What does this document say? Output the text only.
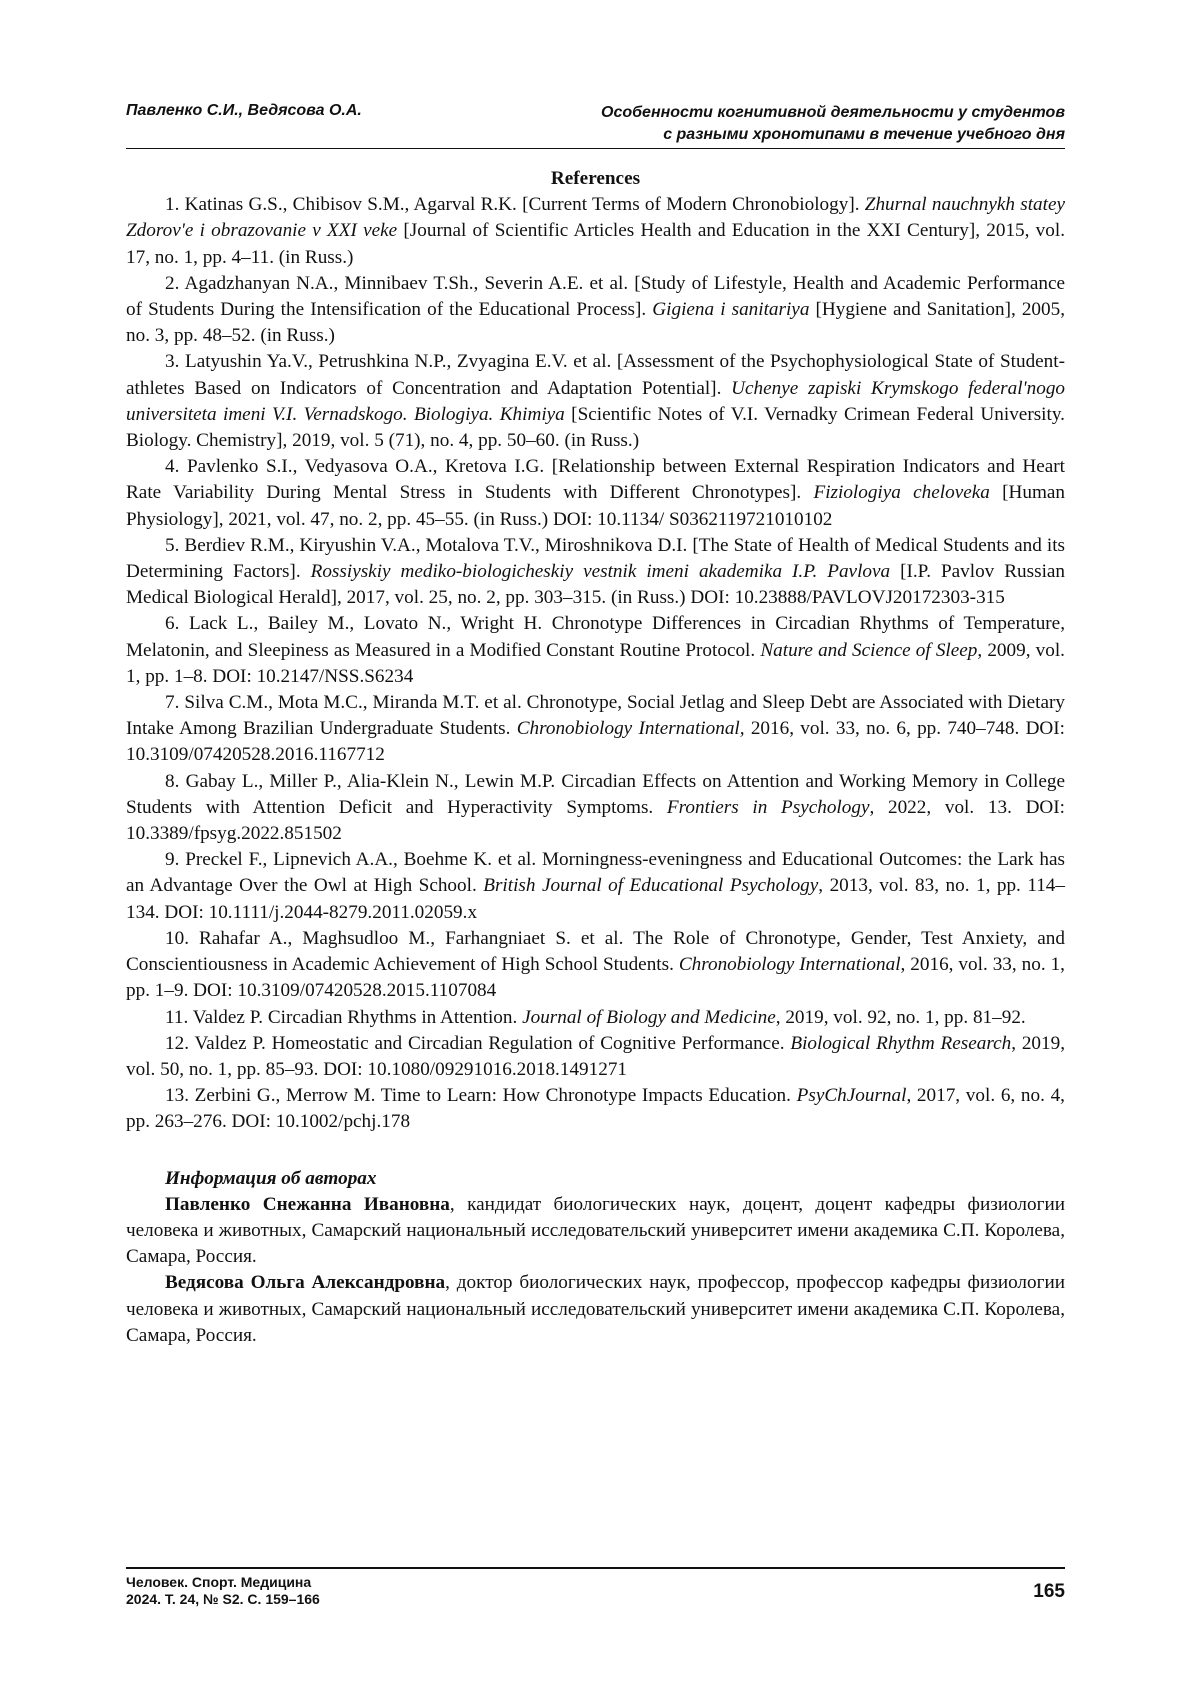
Павленко С.И., Ведясова О.А.	Особенности когнитивной деятельности у студентов
с разными хронотипами в течение учебного дня

References

1. Katinas G.S., Chibisov S.M., Agarval R.K. [Current Terms of Modern Chronobiology]. Zhurnal nauchnykh statey Zdorov'e i obrazovanie v XXI veke [Journal of Scientific Articles Health and Education in the XXI Century], 2015, vol. 17, no. 1, pp. 4–11. (in Russ.)

2. Agadzhanyan N.A., Minnibaev T.Sh., Severin A.E. et al. [Study of Lifestyle, Health and Academic Performance of Students During the Intensification of the Educational Process]. Gigiena i sanitariya [Hygiene and Sanitation], 2005, no. 3, pp. 48–52. (in Russ.)

3. Latyushin Ya.V., Petrushkina N.P., Zvyagina E.V. et al. [Assessment of the Psychophysiological State of Student-athletes Based on Indicators of Concentration and Adaptation Potential]. Uchenye zapiski Krymskogo federal'nogo universiteta imeni V.I. Vernadskogo. Biologiya. Khimiya [Scientific Notes of V.I. Vernadky Crimean Federal University. Biology. Chemistry], 2019, vol. 5 (71), no. 4, pp. 50–60. (in Russ.)

4. Pavlenko S.I., Vedyasova O.A., Kretova I.G. [Relationship between External Respiration Indicators and Heart Rate Variability During Mental Stress in Students with Different Chronotypes]. Fiziologiya cheloveka [Human Physiology], 2021, vol. 47, no. 2, pp. 45–55. (in Russ.) DOI: 10.1134/ S0362119721010102

5. Berdiev R.M., Kiryushin V.A., Motalova T.V., Miroshnikova D.I. [The State of Health of Medical Students and its Determining Factors]. Rossiyskiy mediko-biologicheskiy vestnik imeni akademika I.P. Pavlova [I.P. Pavlov Russian Medical Biological Herald], 2017, vol. 25, no. 2, pp. 303–315. (in Russ.) DOI: 10.23888/PAVLOVJ20172303-315

6. Lack L., Bailey M., Lovato N., Wright H. Chronotype Differences in Circadian Rhythms of Temperature, Melatonin, and Sleepiness as Measured in a Modified Constant Routine Protocol. Nature and Science of Sleep, 2009, vol. 1, pp. 1–8. DOI: 10.2147/NSS.S6234

7. Silva C.M., Mota M.C., Miranda M.T. et al. Chronotype, Social Jetlag and Sleep Debt are Associated with Dietary Intake Among Brazilian Undergraduate Students. Chronobiology International, 2016, vol. 33, no. 6, pp. 740–748. DOI: 10.3109/07420528.2016.1167712

8. Gabay L., Miller P., Alia-Klein N., Lewin M.P. Circadian Effects on Attention and Working Memory in College Students with Attention Deficit and Hyperactivity Symptoms. Frontiers in Psychology, 2022, vol. 13. DOI: 10.3389/fpsyg.2022.851502

9. Preckel F., Lipnevich A.A., Boehme K. et al. Morningness-eveningness and Educational Outcomes: the Lark has an Advantage Over the Owl at High School. British Journal of Educational Psychology, 2013, vol. 83, no. 1, pp. 114–134. DOI: 10.1111/j.2044-8279.2011.02059.x

10. Rahafar A., Maghsudloo M., Farhangniaet S. et al. The Role of Chronotype, Gender, Test Anxiety, and Conscientiousness in Academic Achievement of High School Students. Chronobiology International, 2016, vol. 33, no. 1, pp. 1–9. DOI: 10.3109/07420528.2015.1107084

11. Valdez P. Circadian Rhythms in Attention. Journal of Biology and Medicine, 2019, vol. 92, no. 1, pp. 81–92.

12. Valdez P. Homeostatic and Circadian Regulation of Cognitive Performance. Biological Rhythm Research, 2019, vol. 50, no. 1, pp. 85–93. DOI: 10.1080/09291016.2018.1491271

13. Zerbini G., Merrow M. Time to Learn: How Chronotype Impacts Education. PsyChJournal, 2017, vol. 6, no. 4, pp. 263–276. DOI: 10.1002/pchj.178

Информация об авторах

Павленко Снежанна Ивановна, кандидат биологических наук, доцент, доцент кафедры физиологии человека и животных, Самарский национальный исследовательский университет имени академика С.П. Королева, Самара, Россия.

Ведясова Ольга Александровна, доктор биологических наук, профессор, профессор кафедры физиологии человека и животных, Самарский национальный исследовательский университет имени академика С.П. Королева, Самара, Россия.

Человек. Спорт. Медицина
2024. Т. 24, № S2. С. 159–166	165
